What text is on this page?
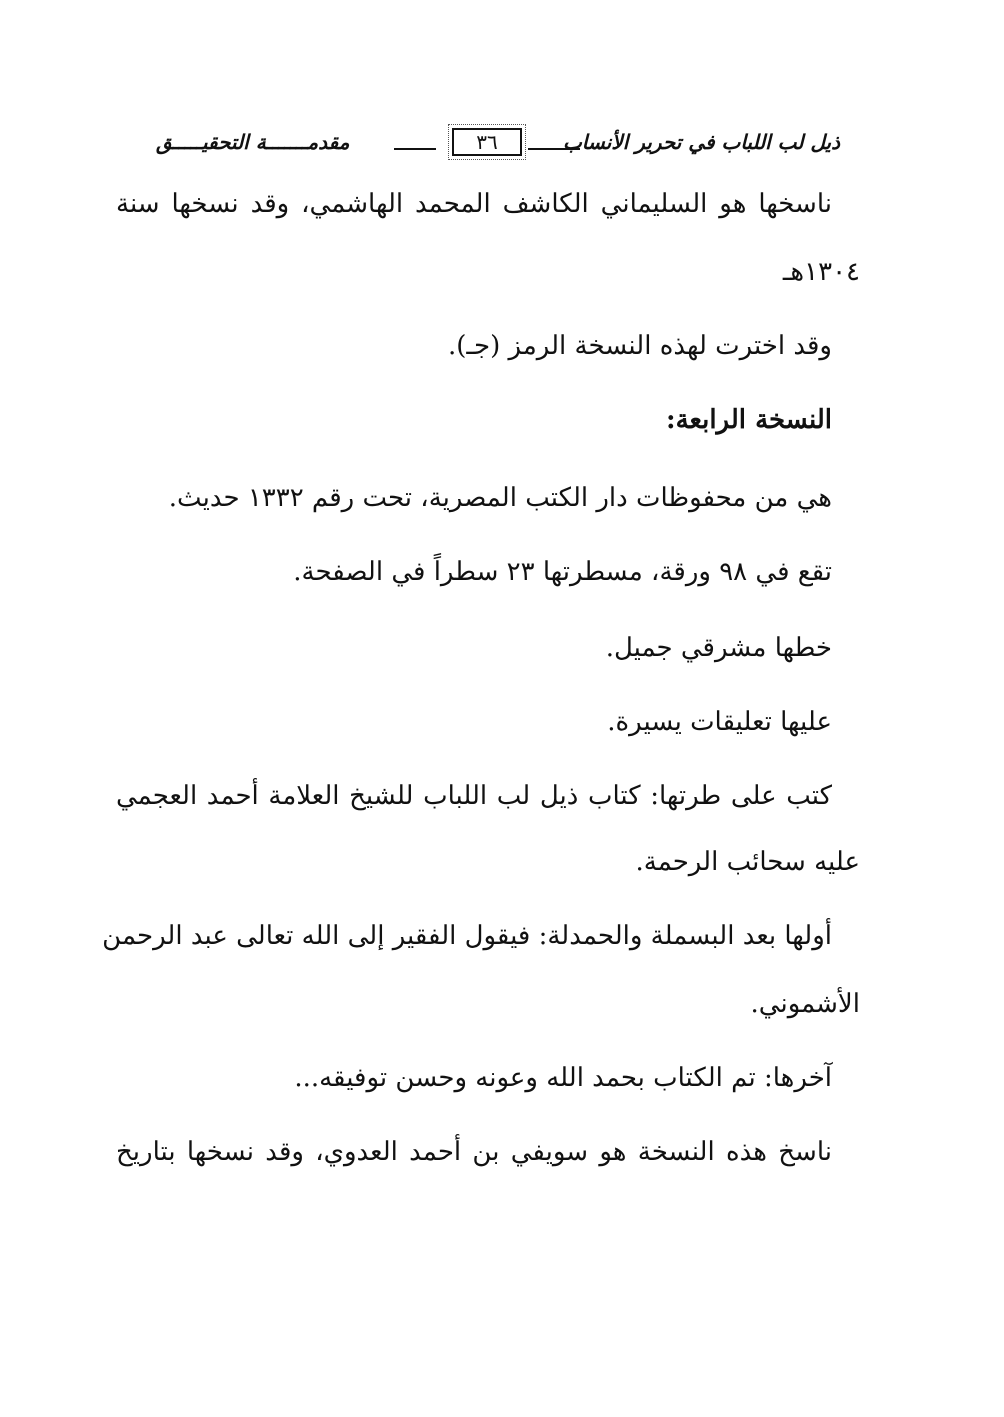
ذيل لب اللباب في تحرير الأنساب
٣٦
مقدمـــــــة التحقيـــــق
ناسخها هو السليماني الكاشف المحمد الهاشمي، وقد نسخها سنة
١٣٠٤هـ
وقد اخترت لهذه النسخة الرمز (جـ).
النسخة الرابعة:
هي من محفوظات دار الكتب المصرية، تحت رقم ١٣٣٢ حديث.
تقع في ٩٨ ورقة، مسطرتها ٢٣ سطراً في الصفحة.
خطها مشرقي جميل.
عليها تعليقات يسيرة.
كتب على طرتها: كتاب ذيل لب اللباب للشيخ العلامة أحمد العجمي
عليه سحائب الرحمة.
أولها بعد البسملة والحمدلة: فيقول الفقير إلى الله تعالى عبد الرحمن
الأشموني.
آخرها: تم الكتاب بحمد الله وعونه وحسن توفيقه...
ناسخ هذه النسخة هو سويفي بن أحمد العدوي، وقد نسخها بتاريخ
